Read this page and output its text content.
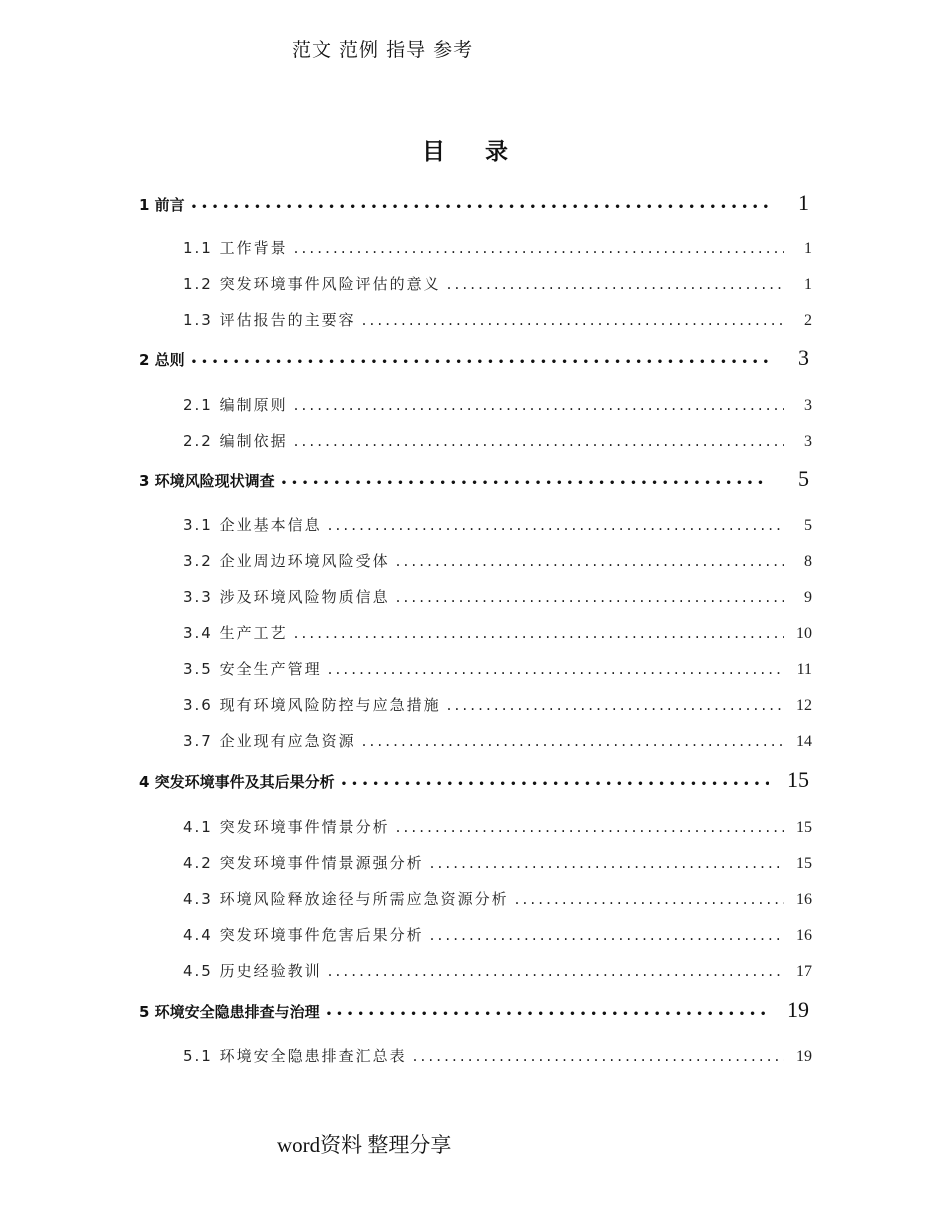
范文 范例 指导 参考
目录
1 前言 •••••	1
1.1 工作背景 .....	1
1.2 突发环境事件风险评估的意义 .....	1
1.3 评估报告的主要容 .....	2
2 总则 •••••	3
2.1 编制原则 .....	3
2.2 编制依据 .....	3
3 环境风险现状调查 •••••	5
3.1 企业基本信息 .....	5
3.2 企业周边环境风险受体 .....	8
3.3 涉及环境风险物质信息 .....	9
3.4 生产工艺 .....	10
3.5 安全生产管理 .....	11
3.6 现有环境风险防控与应急措施 .....	12
3.7 企业现有应急资源 .....	14
4 突发环境事件及其后果分析 •••••	15
4.1 突发环境事件情景分析 .....	15
4.2 突发环境事件情景源强分析 .....	15
4.3 环境风险释放途径与所需应急资源分析 .....	16
4.4 突发环境事件危害后果分析 .....	16
4.5 历史经验教训 .....	17
5 环境安全隐患排查与治理 •••••	19
5.1 环境安全隐患排查汇总表 .....	19
word资料 整理分享
